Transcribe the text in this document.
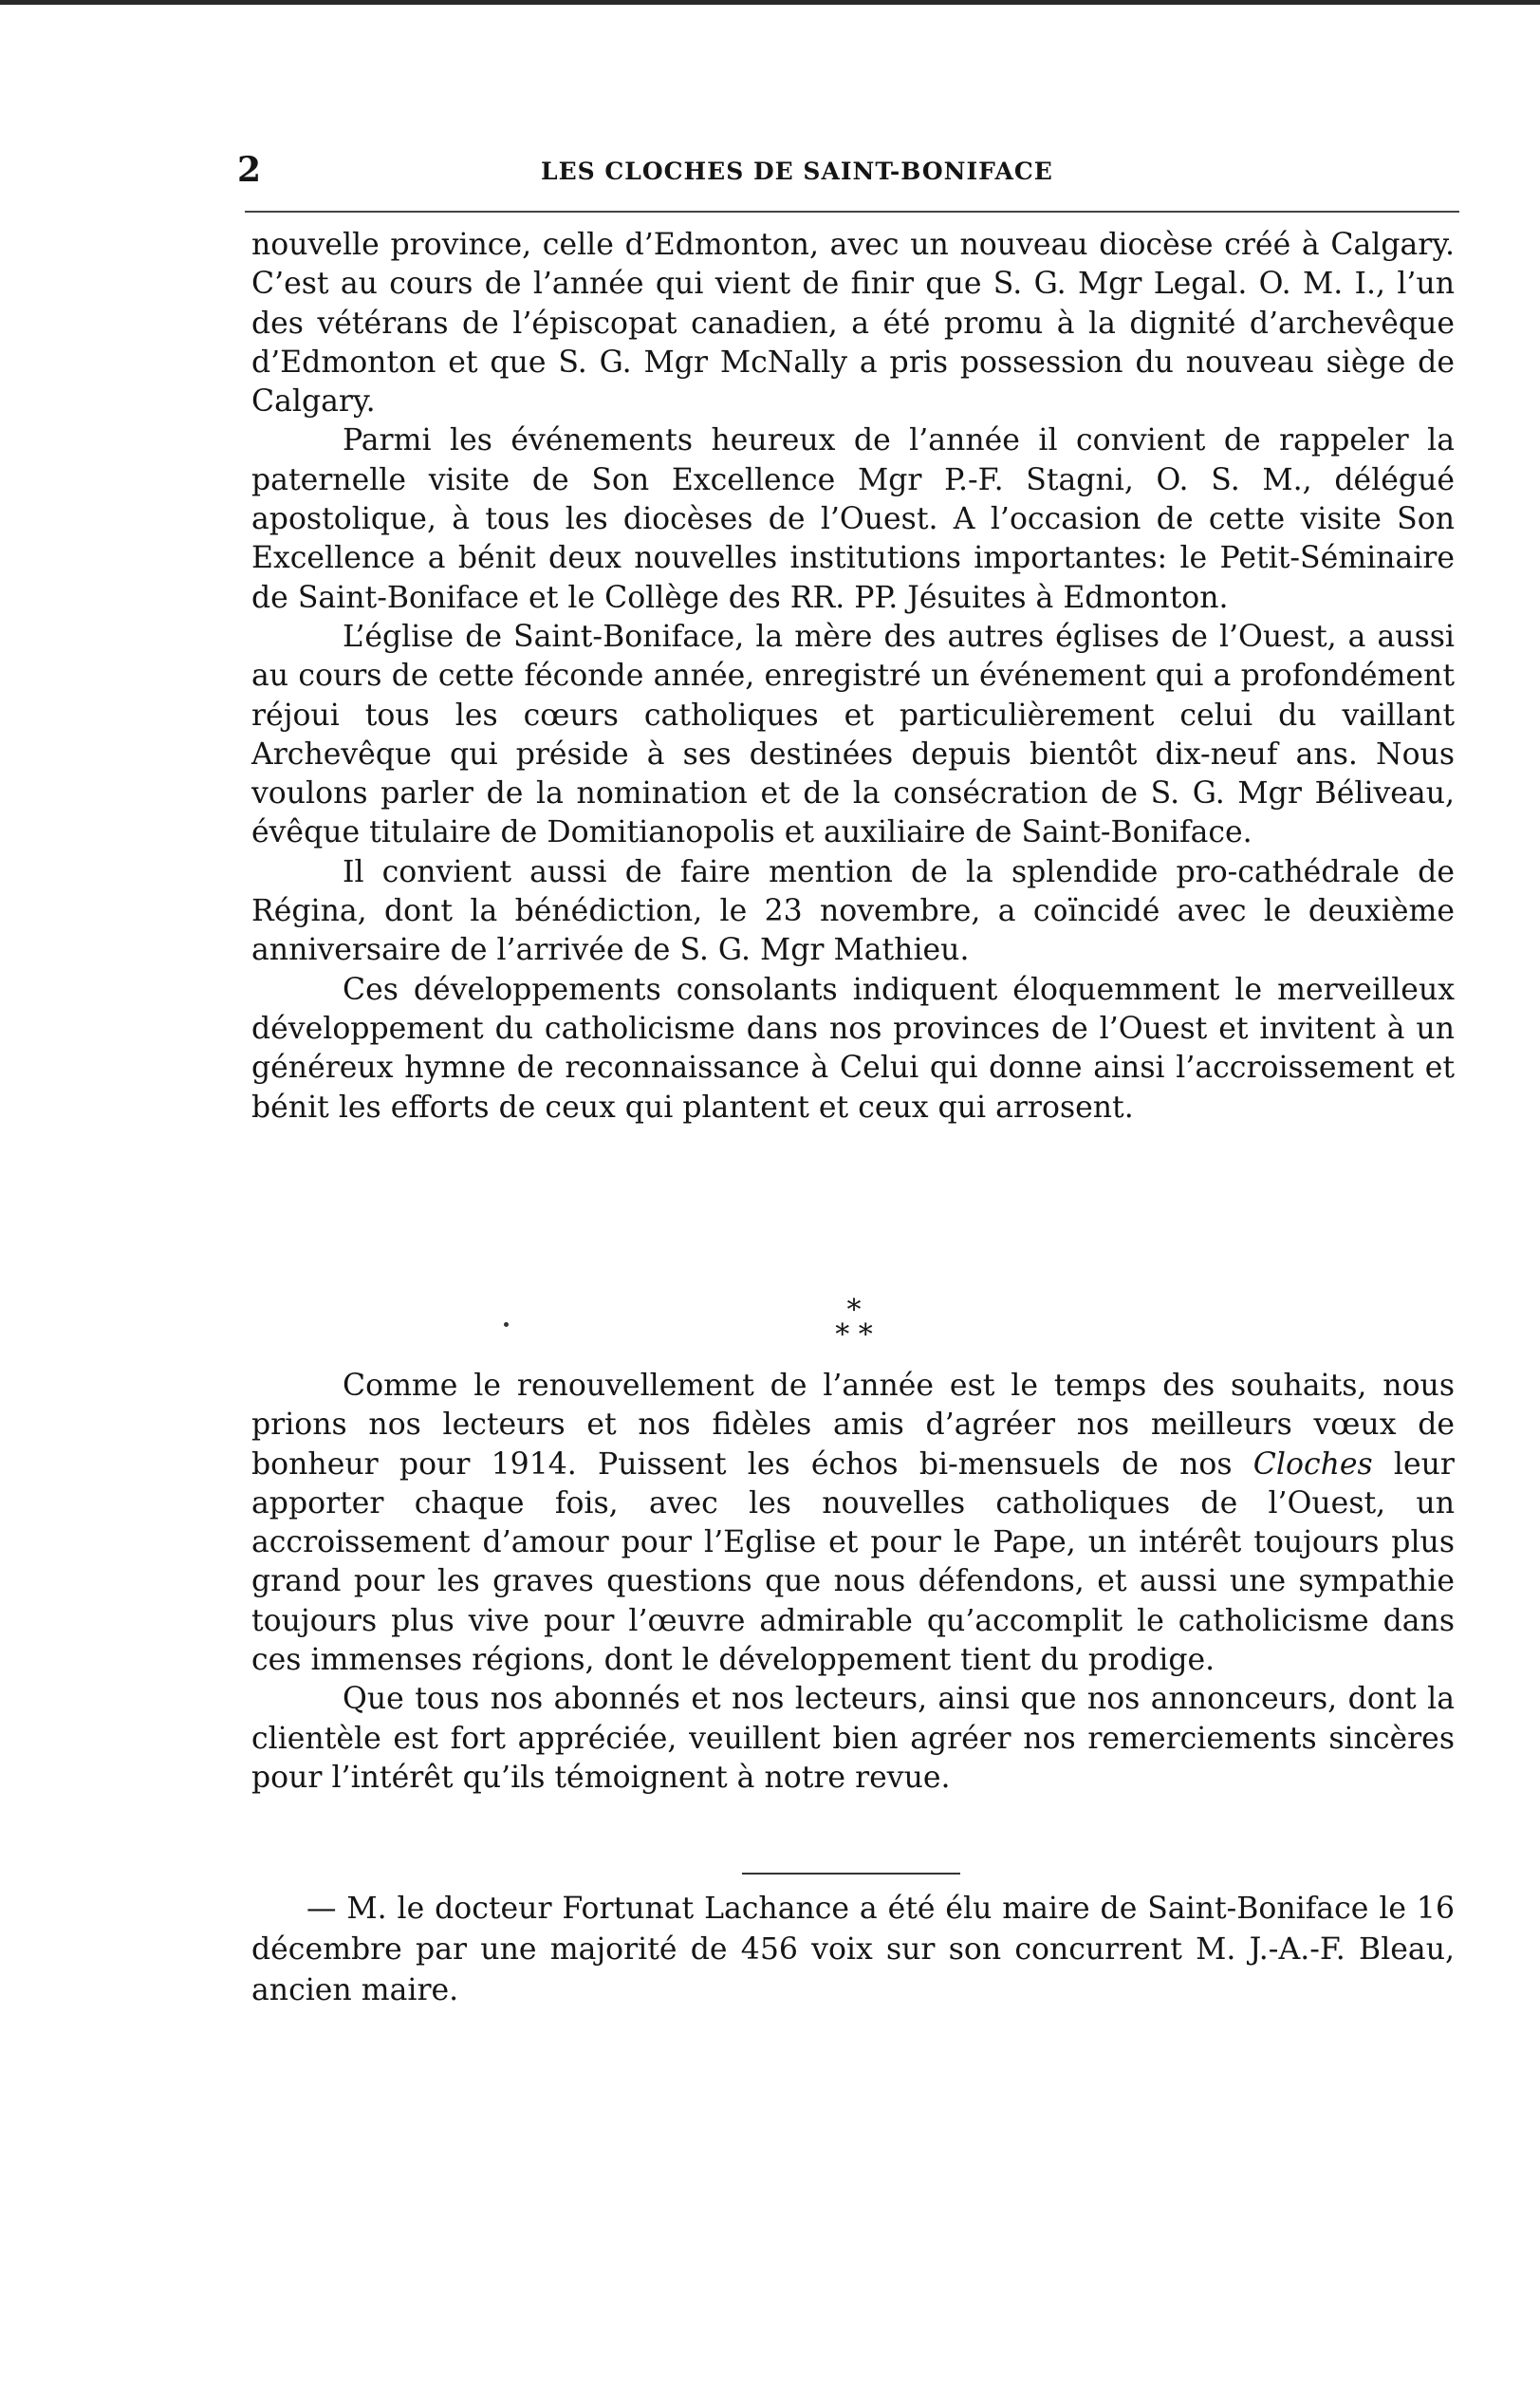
2	LES CLOCHES DE SAINT-BONIFACE

nouvelle province, celle d’Edmonton, avec un nouveau diocèse créé à Calgary. C’est au cours de l’année qui vient de finir que S. G. Mgr Legal. O. M. I., l’un des vétérans de l’épiscopat canadien, a été promu à la dignité d’archevêque d’Edmonton et que S. G. Mgr McNally a pris possession du nouveau siège de Calgary.

Parmi les événements heureux de l’année il convient de rappeler la paternelle visite de Son Excellence Mgr P.-F. Stagni, O. S. M., délégué apostolique, à tous les diocèses de l’Ouest. A l’occasion de cette visite Son Excellence a bénit deux nouvelles institutions importantes: le Petit-Séminaire de Saint-Boniface et le Collège des RR. PP. Jésuites à Edmonton.

L’église de Saint-Boniface, la mère des autres églises de l’Ouest, a aussi au cours de cette féconde année, enregistré un événement qui a profondément réjoui tous les cœurs catholiques et particulièrement celui du vaillant Archevêque qui préside à ses destinées depuis bientôt dix-neuf ans. Nous voulons parler de la nomination et de la consécration de S. G. Mgr Béliveau, évêque titulaire de Domitianopolis et auxiliaire de Saint-Boniface.

Il convient aussi de faire mention de la splendide pro-cathédrale de Régina, dont la bénédiction, le 23 novembre, a coïncidé avec le deuxième anniversaire de l’arrivée de S. G. Mgr Mathieu.

Ces développements consolants indiquent éloquemment le merveilleux développement du catholicisme dans nos provinces de l’Ouest et invitent à un généreux hymne de reconnaissance à Celui qui donne ainsi l’accroissement et bénit les efforts de ceux qui plantent et ceux qui arrosent.

*
* *

Comme le renouvellement de l’année est le temps des souhaits, nous prions nos lecteurs et nos fidèles amis d’agréer nos meilleurs vœux de bonheur pour 1914. Puissent les échos bi-mensuels de nos Cloches leur apporter chaque fois, avec les nouvelles catholiques de l’Ouest, un accroissement d’amour pour l’Eglise et pour le Pape, un intérêt toujours plus grand pour les graves questions que nous défendons, et aussi une sympathie toujours plus vive pour l’œuvre admirable qu’accomplit le catholicisme dans ces immenses régions, dont le développement tient du prodige.

Que tous nos abonnés et nos lecteurs, ainsi que nos annonceurs, dont la clientèle est fort appréciée, veuillent bien agréer nos remerciements sincères pour l’intérêt qu’ils témoignent à notre revue.

— M. le docteur Fortunat Lachance a été élu maire de Saint-Boniface le 16 décembre par une majorité de 456 voix sur son concurrent M. J.-A.-F. Bleau, ancien maire.
